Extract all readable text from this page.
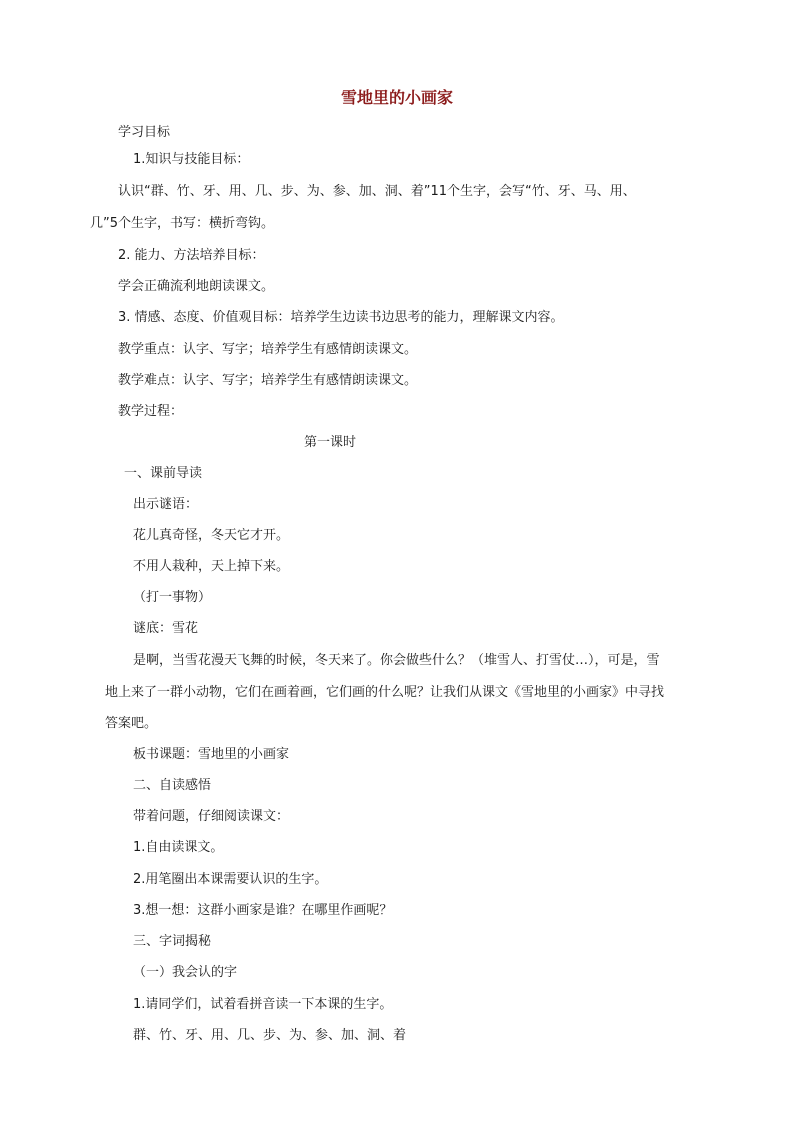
雪地里的小画家
学习目标
1.知识与技能目标：
认识“群、竹、牙、用、几、步、为、参、加、洞、着”11个生字，会写“竹、牙、马、用、
几”5个生字，书写：横折弯钩。
2. 能力、方法培养目标：
学会正确流利地朗读课文。
3. 情感、态度、价值观目标：培养学生边读书边思考的能力，理解课文内容。
教学重点：认字、写字；培养学生有感情朗读课文。
教学难点：认字、写字；培养学生有感情朗读课文。
教学过程：
第一课时
一、课前导读
出示谜语：
花儿真奇怪，冬天它才开。
不用人栽种，天上掉下来。
（打一事物）
谜底：雪花
是啊，当雪花漫天飞舞的时候，冬天来了。你会做些什么？（堆雪人、打雪仗…），可是，雪
地上来了一群小动物，它们在画着画，它们画的什么呢？让我们从课文《雪地里的小画家》中寻找
答案吧。
板书课题：雪地里的小画家
二、自读感悟
带着问题，仔细阅读课文：
1.自由读课文。
2.用笔圈出本课需要认识的生字。
3.想一想：这群小画家是谁？在哪里作画呢？
三、字词揭秘
（一）我会认的字
1.请同学们，试着看拼音读一下本课的生字。
群、竹、牙、用、几、步、为、参、加、洞、着
